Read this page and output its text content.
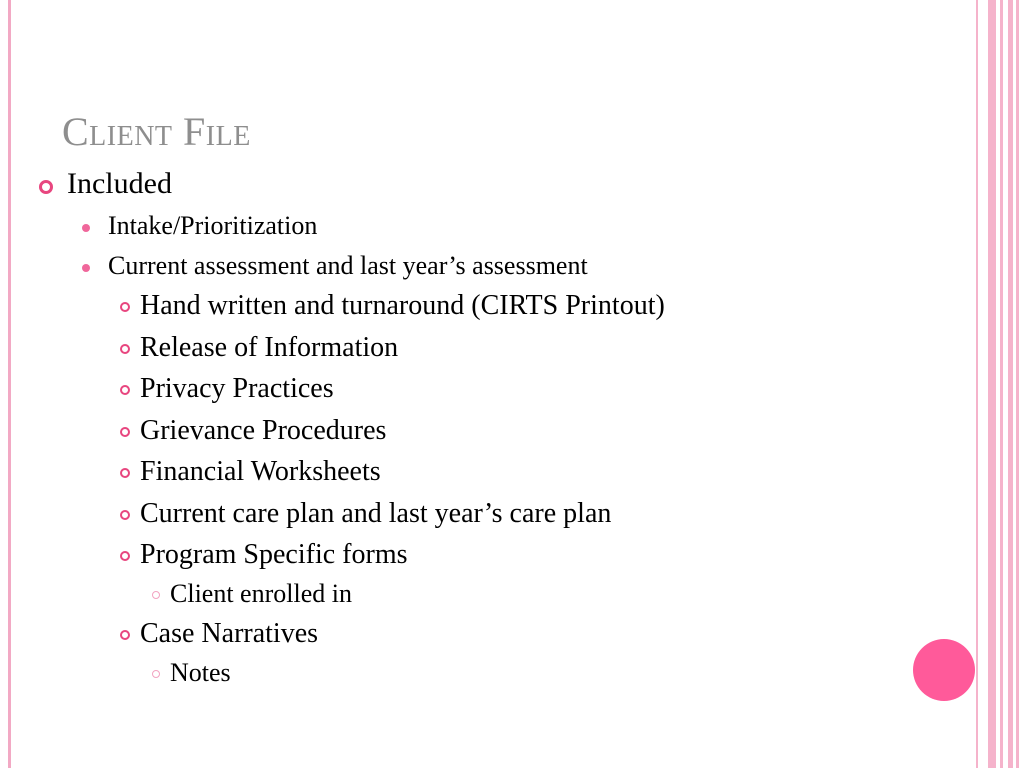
Client File
Included
Intake/Prioritization
Current assessment and last year’s assessment
Hand written and turnaround (CIRTS Printout)
Release of Information
Privacy Practices
Grievance Procedures
Financial Worksheets
Current care plan and last year’s care plan
Program Specific forms
Client enrolled in
Case Narratives
Notes
